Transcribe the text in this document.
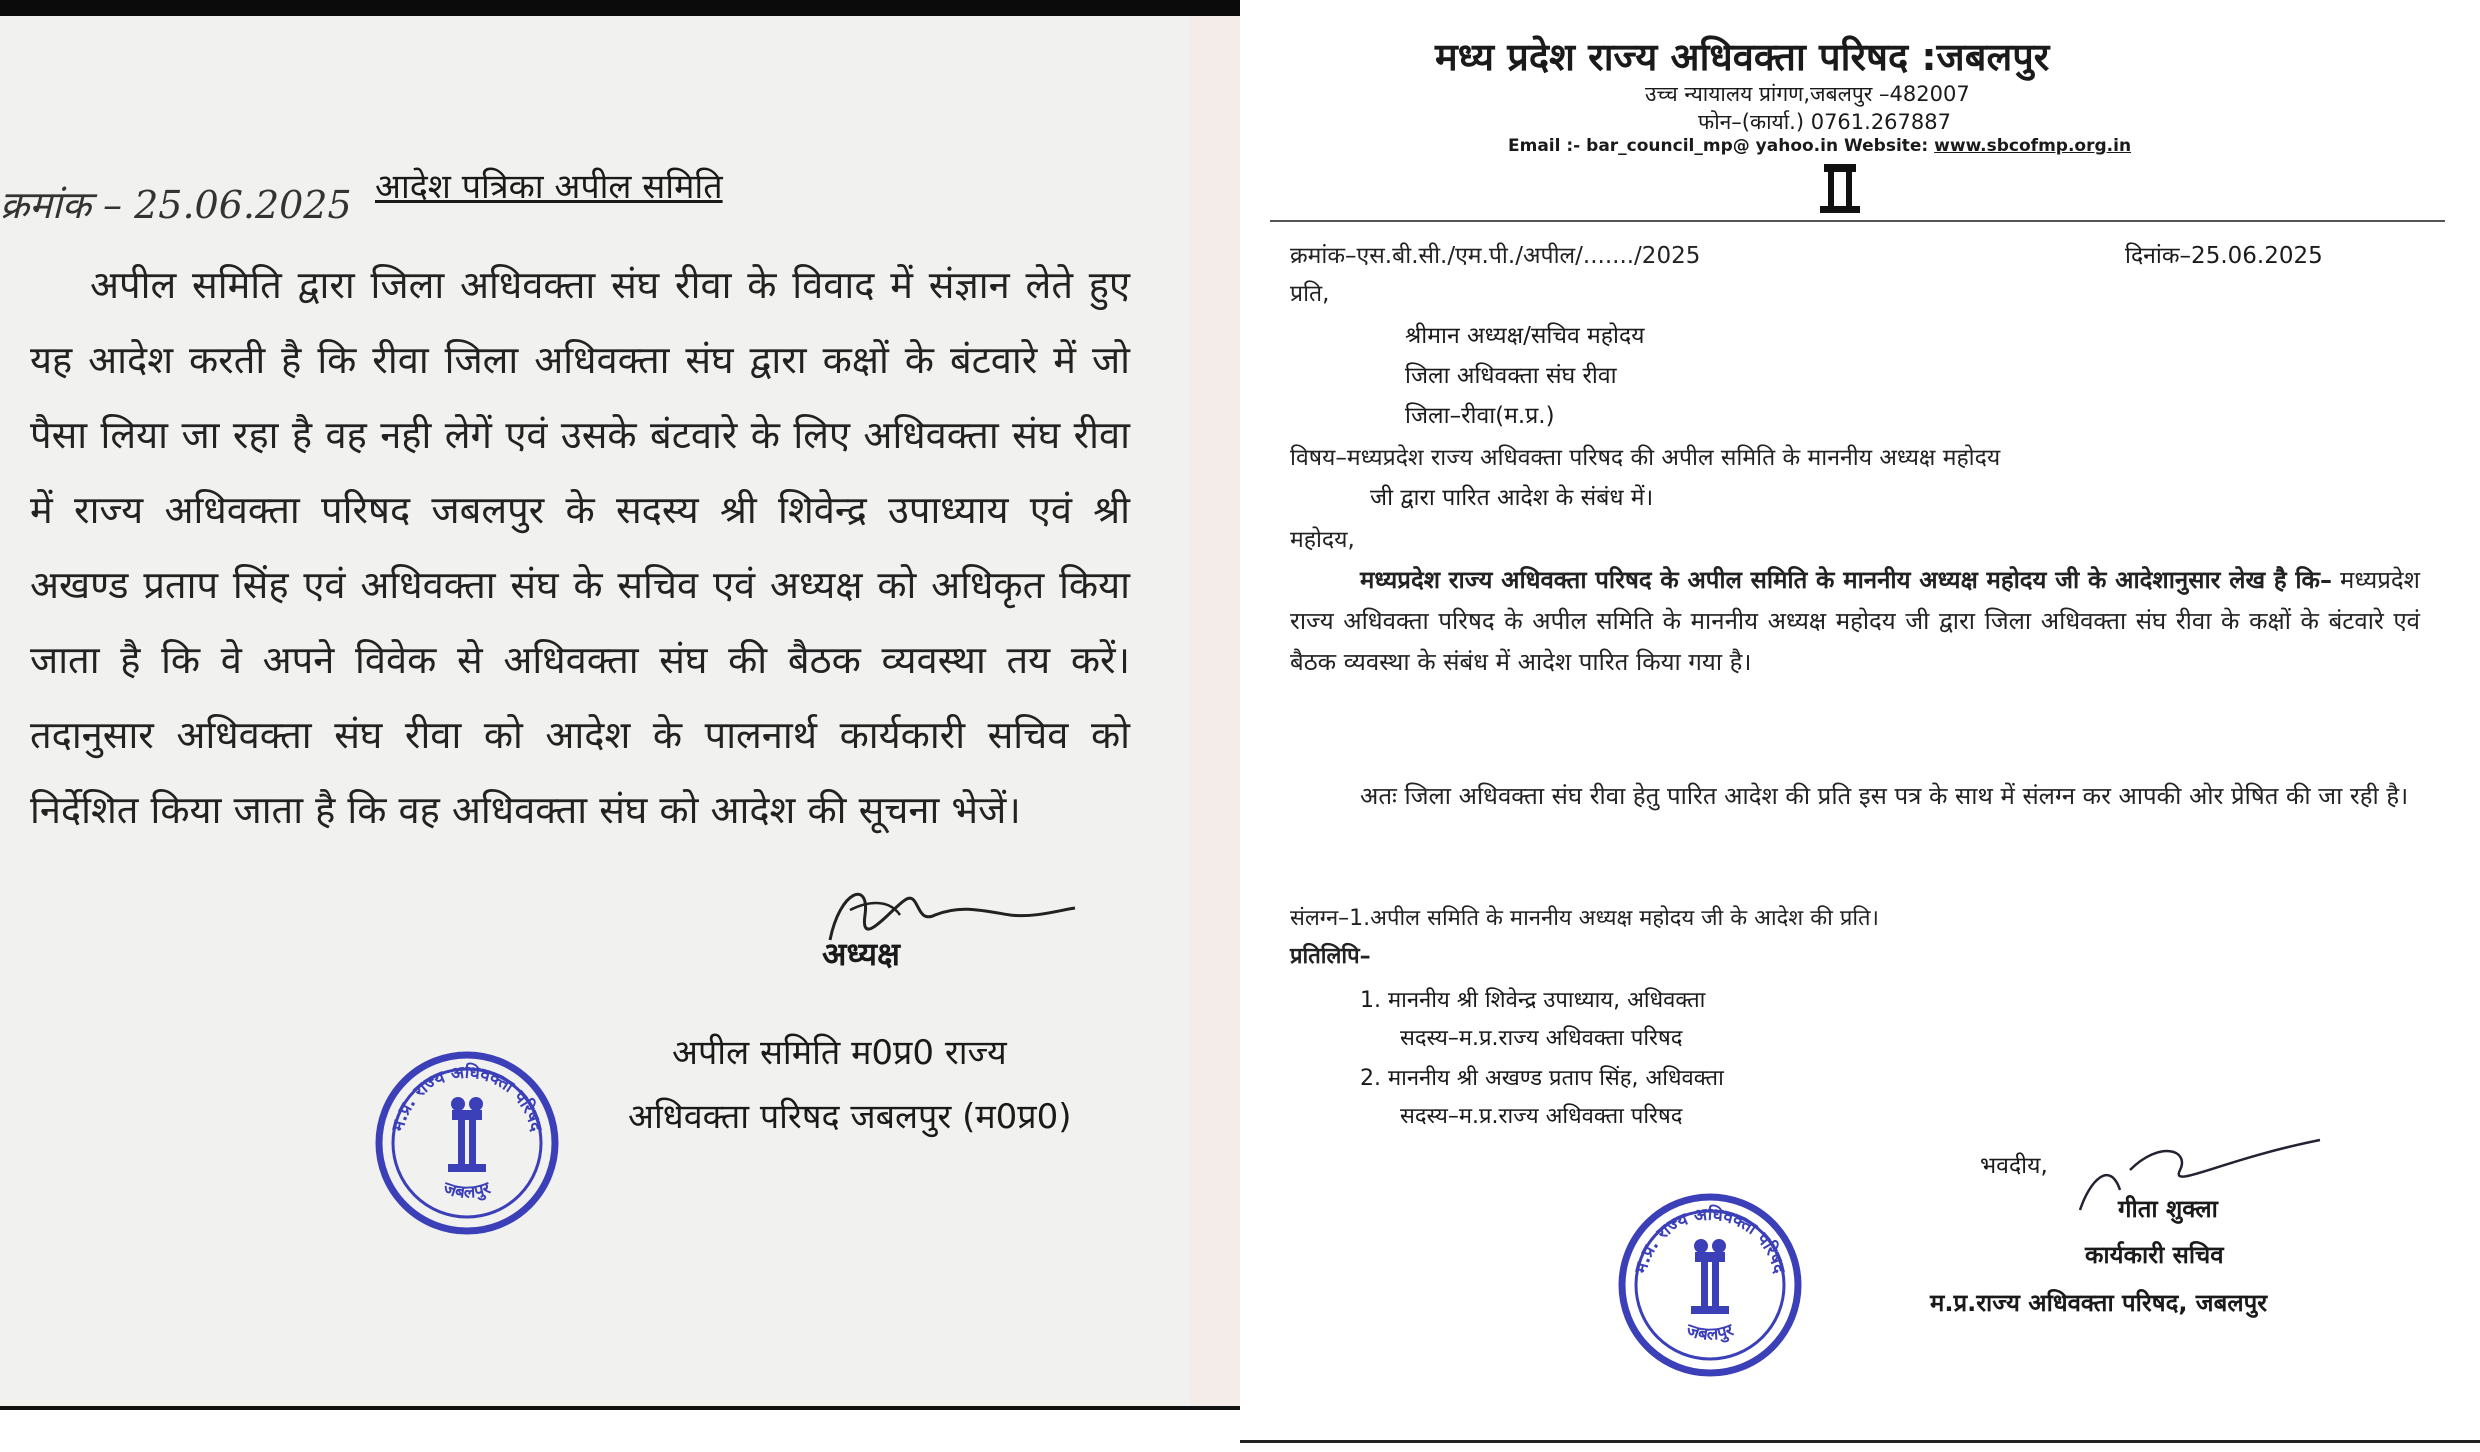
क्रमांक – 25.06.2025 आदेश पत्रिका अपील समिति

अपील समिति द्वारा जिला अधिवक्ता संघ रीवा के विवाद में संज्ञान लेते हुए यह आदेश करती है कि रीवा जिला अधिवक्ता संघ द्वारा कक्षों के बंटवारे में जो पैसा लिया जा रहा है वह नही लेगें एवं उसके बंटवारे के लिए अधिवक्ता संघ रीवा में राज्य अधिवक्ता परिषद जबलपुर के सदस्य श्री शिवेन्द्र उपाध्याय एवं श्री अखण्ड प्रताप सिंह एवं अधिवक्ता संघ के सचिव एवं अध्यक्ष को अधिकृत किया जाता है कि वे अपने विवेक से अधिवक्ता संघ की बैठक व्यवस्था तय करें। तदानुसार अधिवक्ता संघ रीवा को आदेश के पालनार्थ कार्यकारी सचिव को निर्देशित किया जाता है कि वह अधिवक्ता संघ को आदेश की सूचना भेजें।

अध्यक्ष
अपील समिति म0प्र0 राज्य
अधिवक्ता परिषद जबलपुर (म0प्र0)
म.प्र. राज्य अधिवक्ता परिषद
जबलपुर
मध्य प्रदेश राज्य अधिवक्ता परिषद :जबलपुर
उच्च न्यायालय प्रांगण,जबलपुर –482007
फोन–(कार्या.) 0761.267887
Email :- bar_council_mp@ yahoo.in Website: www.sbcofmp.org.in
क्रमांक–एस.बी.सी./एम.पी./अपील/......./2025	दिनांक–25.06.2025
प्रति,
श्रीमान अध्यक्ष/सचिव महोदय
जिला अधिवक्ता संघ रीवा
जिला–रीवा(म.प्र.)
विषय–मध्यप्रदेश राज्य अधिवक्ता परिषद की अपील समिति के माननीय अध्यक्ष महोदय
जी द्वारा पारित आदेश के संबंध में।
महोदय,
मध्यप्रदेश राज्य अधिवक्ता परिषद के अपील समिति के माननीय अध्यक्ष महोदय जी के आदेशानुसार लेख है कि– मध्यप्रदेश राज्य अधिवक्ता परिषद के अपील समिति के माननीय अध्यक्ष महोदय जी द्वारा जिला अधिवक्ता संघ रीवा के कक्षों के बंटवारे एवं बैठक व्यवस्था के संबंध में आदेश पारित किया गया है।
अतः जिला अधिवक्ता संघ रीवा हेतु पारित आदेश की प्रति इस पत्र के साथ में संलग्न कर आपकी ओर प्रेषित की जा रही है।
संलग्न–1.अपील समिति के माननीय अध्यक्ष महोदय जी के आदेश की प्रति।
प्रतिलिपि–
1. माननीय श्री शिवेन्द्र उपाध्याय, अधिवक्ता
सदस्य–म.प्र.राज्य अधिवक्ता परिषद
2. माननीय श्री अखण्ड प्रताप सिंह, अधिवक्ता
सदस्य–म.प्र.राज्य अधिवक्ता परिषद
भवदीय,
गीता शुक्ला
कार्यकारी सचिव
म.प्र.राज्य अधिवक्ता परिषद, जबलपुर
म.प्र. राज्य अधिवक्ता परिषद
जबलपुर
